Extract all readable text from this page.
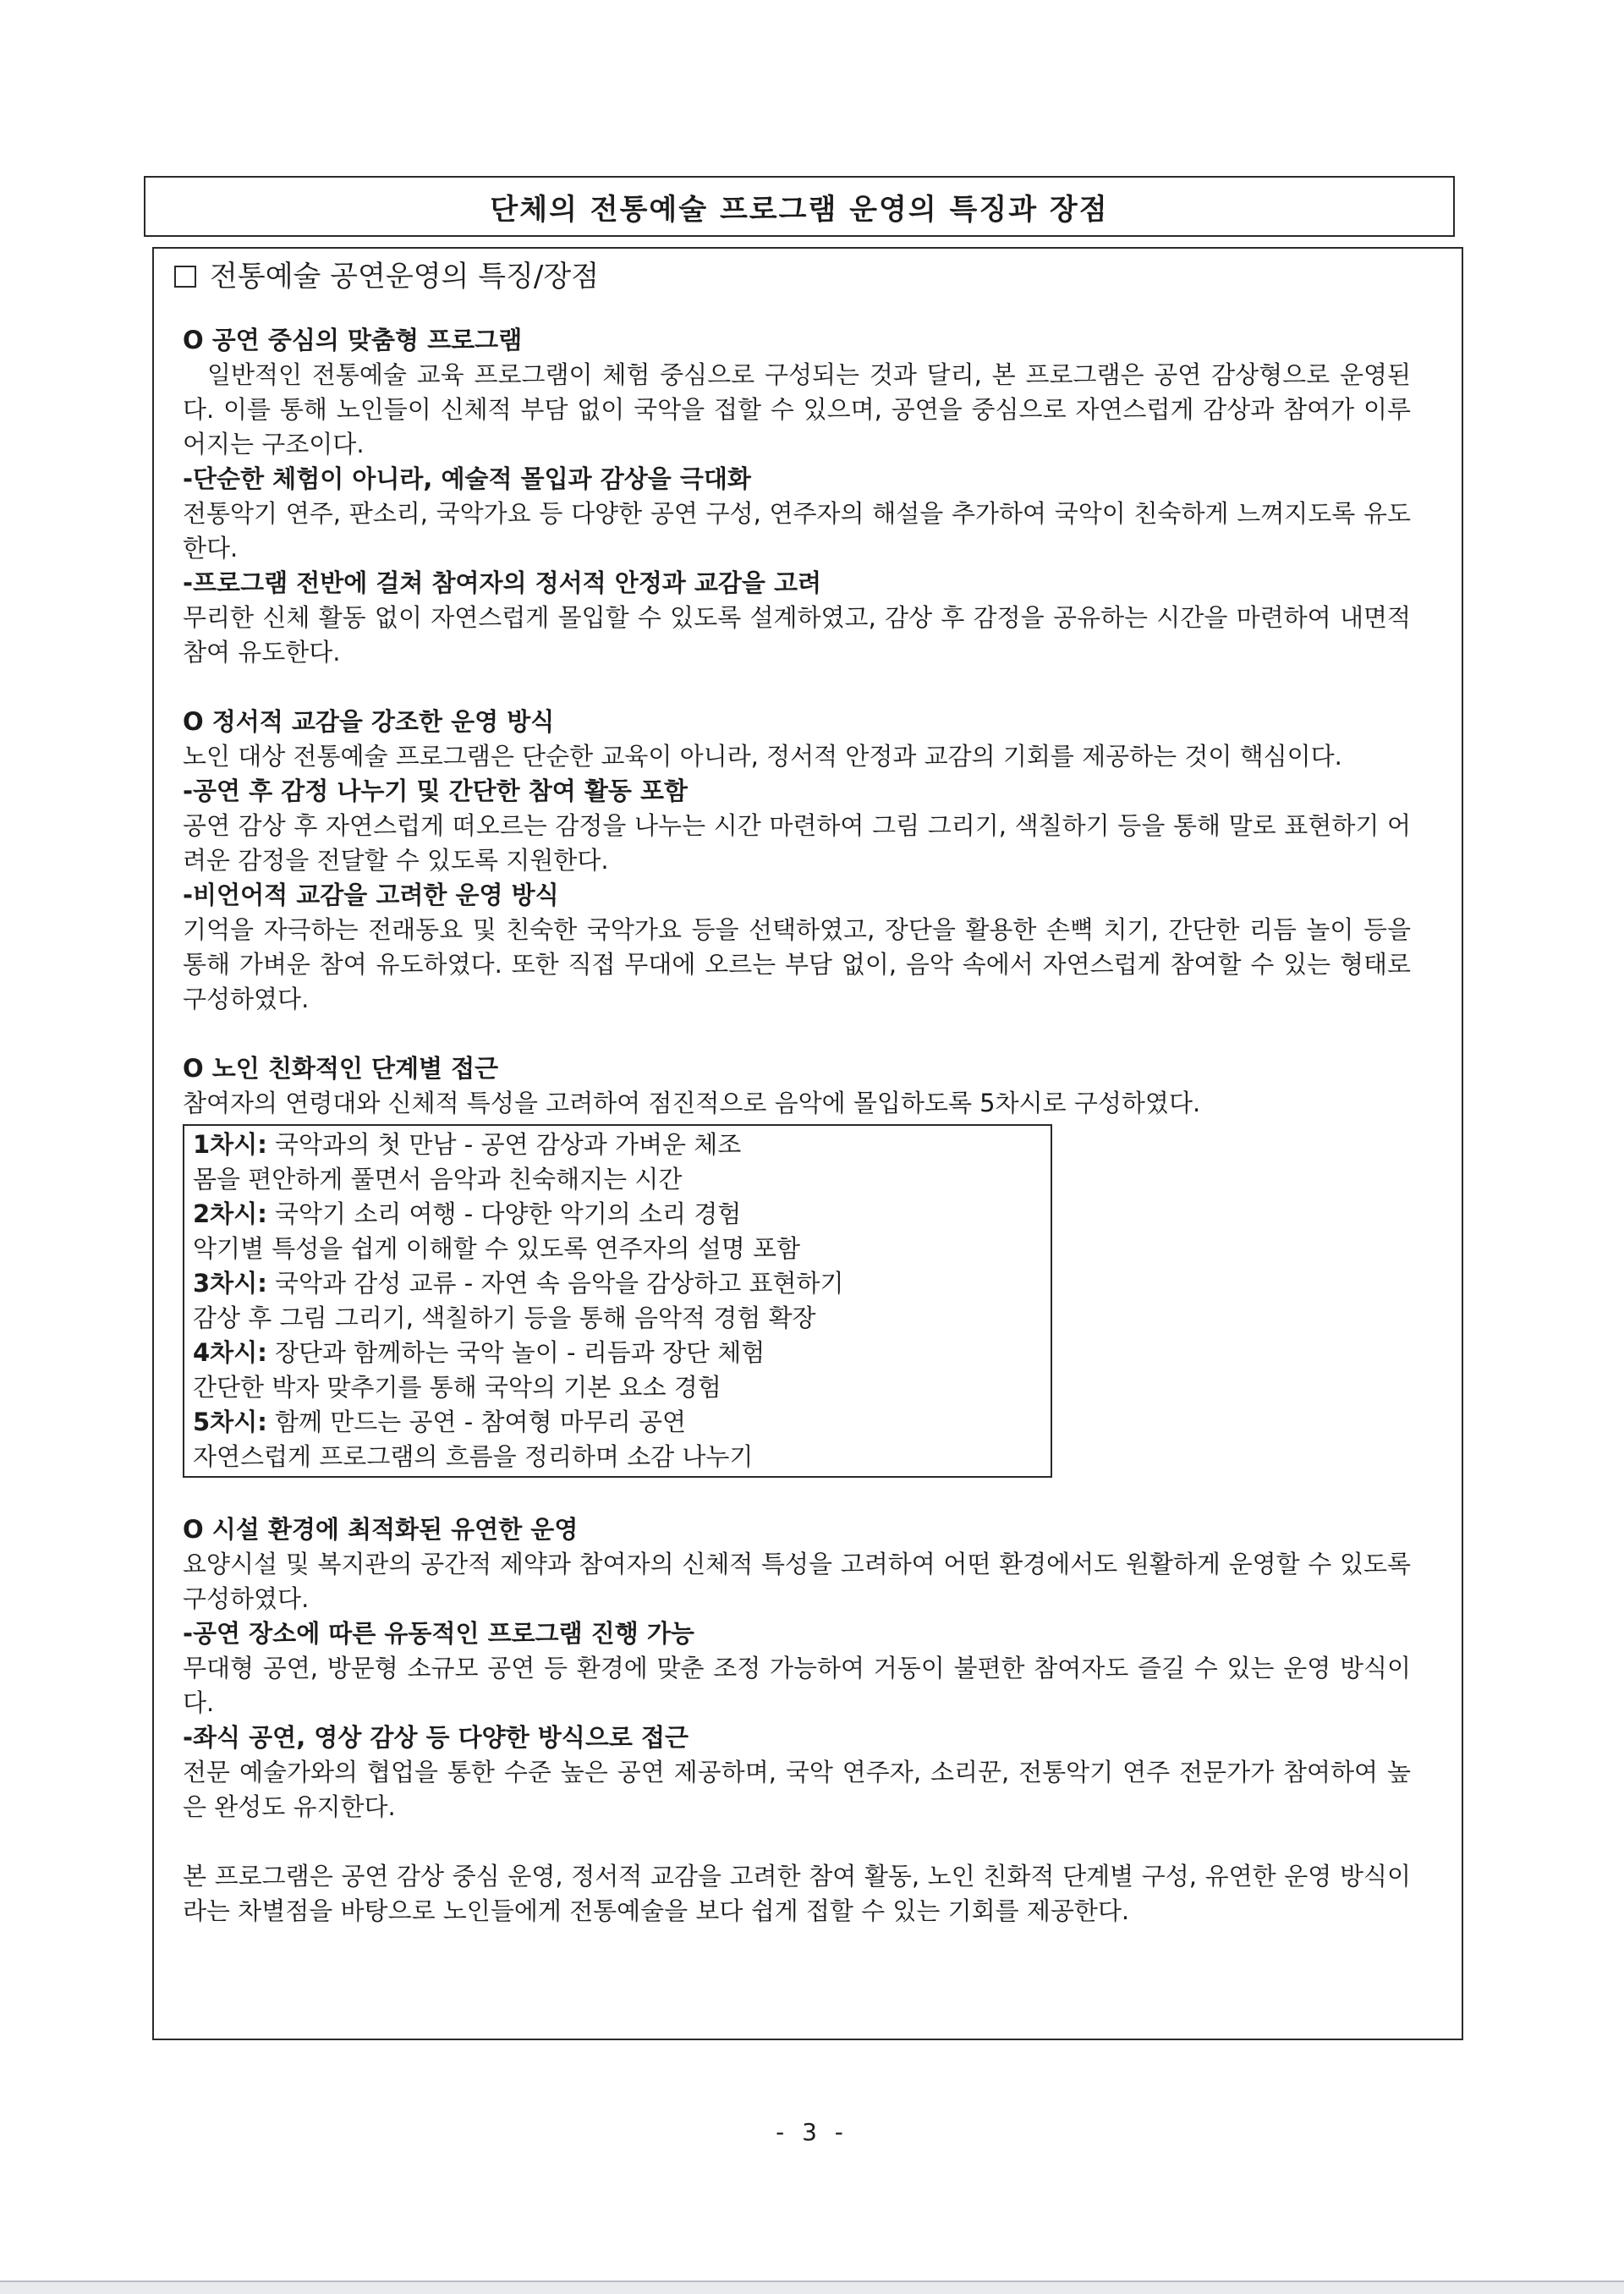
단체의 전통예술 프로그램 운영의 특징과 장점
전통예술 공연운영의 특징/장점
O 공연 중심의 맞춤형 프로그램
일반적인 전통예술 교육 프로그램이 체험 중심으로 구성되는 것과 달리, 본 프로그램은 공연 감상형으로 운영된다. 이를 통해 노인들이 신체적 부담 없이 국악을 접할 수 있으며, 공연을 중심으로 자연스럽게 감상과 참여가 이루어지는 구조이다.
-단순한 체험이 아니라, 예술적 몰입과 감상을 극대화
전통악기 연주, 판소리, 국악가요 등 다양한 공연 구성, 연주자의 해설을 추가하여 국악이 친숙하게 느껴지도록 유도한다.
-프로그램 전반에 걸쳐 참여자의 정서적 안정과 교감을 고려
무리한 신체 활동 없이 자연스럽게 몰입할 수 있도록 설계하였고, 감상 후 감정을 공유하는 시간을 마련하여 내면적 참여 유도한다.
O 정서적 교감을 강조한 운영 방식
노인 대상 전통예술 프로그램은 단순한 교육이 아니라, 정서적 안정과 교감의 기회를 제공하는 것이 핵심이다.
-공연 후 감정 나누기 및 간단한 참여 활동 포함
공연 감상 후 자연스럽게 떠오르는 감정을 나누는 시간 마련하여 그림 그리기, 색칠하기 등을 통해 말로 표현하기 어려운 감정을 전달할 수 있도록 지원한다.
-비언어적 교감을 고려한 운영 방식
기억을 자극하는 전래동요 및 친숙한 국악가요 등을 선택하였고, 장단을 활용한 손뼉 치기, 간단한 리듬 놀이 등을 통해 가벼운 참여 유도하였다. 또한 직접 무대에 오르는 부담 없이, 음악 속에서 자연스럽게 참여할 수 있는 형태로 구성하였다.
O 노인 친화적인 단계별 접근
참여자의 연령대와 신체적 특성을 고려하여 점진적으로 음악에 몰입하도록 5차시로 구성하였다.
1차시: 국악과의 첫 만남 - 공연 감상과 가벼운 체조
몸을 편안하게 풀면서 음악과 친숙해지는 시간
2차시: 국악기 소리 여행 - 다양한 악기의 소리 경험
악기별 특성을 쉽게 이해할 수 있도록 연주자의 설명 포함
3차시: 국악과 감성 교류 - 자연 속 음악을 감상하고 표현하기
감상 후 그림 그리기, 색칠하기 등을 통해 음악적 경험 확장
4차시: 장단과 함께하는 국악 놀이 - 리듬과 장단 체험
간단한 박자 맞추기를 통해 국악의 기본 요소 경험
5차시: 함께 만드는 공연 - 참여형 마무리 공연
자연스럽게 프로그램의 흐름을 정리하며 소감 나누기
O 시설 환경에 최적화된 유연한 운영
요양시설 및 복지관의 공간적 제약과 참여자의 신체적 특성을 고려하여 어떤 환경에서도 원활하게 운영할 수 있도록 구성하였다.
-공연 장소에 따른 유동적인 프로그램 진행 가능
무대형 공연, 방문형 소규모 공연 등 환경에 맞춘 조정 가능하여 거동이 불편한 참여자도 즐길 수 있는 운영 방식이다.
-좌식 공연, 영상 감상 등 다양한 방식으로 접근
전문 예술가와의 협업을 통한 수준 높은 공연 제공하며, 국악 연주자, 소리꾼, 전통악기 연주 전문가가 참여하여 높은 완성도 유지한다.
본 프로그램은 공연 감상 중심 운영, 정서적 교감을 고려한 참여 활동, 노인 친화적 단계별 구성, 유연한 운영 방식이라는 차별점을 바탕으로 노인들에게 전통예술을 보다 쉽게 접할 수 있는 기회를 제공한다.
- 3 -
